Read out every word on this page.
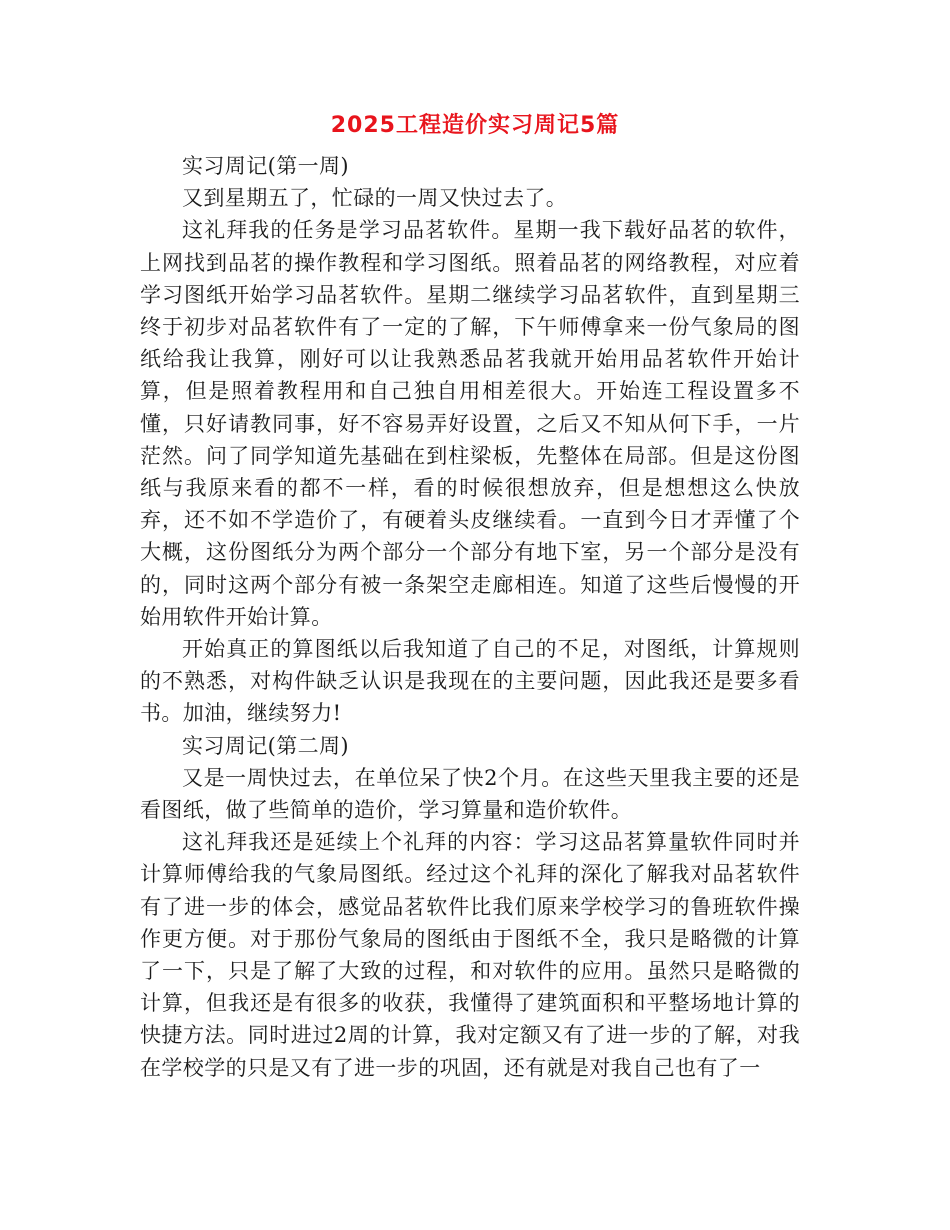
2025工程造价实习周记5篇

实习周记(第一周)

又到星期五了，忙碌的一周又快过去了。

这礼拜我的任务是学习品茗软件。星期一我下载好品茗的软件，上网找到品茗的操作教程和学习图纸。照着品茗的网络教程，对应着学习图纸开始学习品茗软件。星期二继续学习品茗软件，直到星期三终于初步对品茗软件有了一定的了解，下午师傅拿来一份气象局的图纸给我让我算，刚好可以让我熟悉品茗我就开始用品茗软件开始计算，但是照着教程用和自己独自用相差很大。开始连工程设置多不懂，只好请教同事，好不容易弄好设置，之后又不知从何下手，一片茫然。问了同学知道先基础在到柱梁板，先整体在局部。但是这份图纸与我原来看的都不一样，看的时候很想放弃，但是想想这么快放弃，还不如不学造价了，有硬着头皮继续看。一直到今日才弄懂了个大概，这份图纸分为两个部分一个部分有地下室，另一个部分是没有的，同时这两个部分有被一条架空走廊相连。知道了这些后慢慢的开始用软件开始计算。

开始真正的算图纸以后我知道了自己的不足，对图纸，计算规则的不熟悉，对构件缺乏认识是我现在的主要问题，因此我还是要多看书。加油，继续努力!

实习周记(第二周)

又是一周快过去，在单位呆了快2个月。在这些天里我主要的还是看图纸，做了些简单的造价，学习算量和造价软件。

这礼拜我还是延续上个礼拜的内容：学习这品茗算量软件同时并计算师傅给我的气象局图纸。经过这个礼拜的深化了解我对品茗软件有了进一步的体会，感觉品茗软件比我们原来学校学习的鲁班软件操作更方便。对于那份气象局的图纸由于图纸不全，我只是略微的计算了一下，只是了解了大致的过程，和对软件的应用。虽然只是略微的计算，但我还是有很多的收获，我懂得了建筑面积和平整场地计算的快捷方法。同时进过2周的计算，我对定额又有了进一步的了解，对我在学校学的只是又有了进一步的巩固，还有就是对我自己也有了一
